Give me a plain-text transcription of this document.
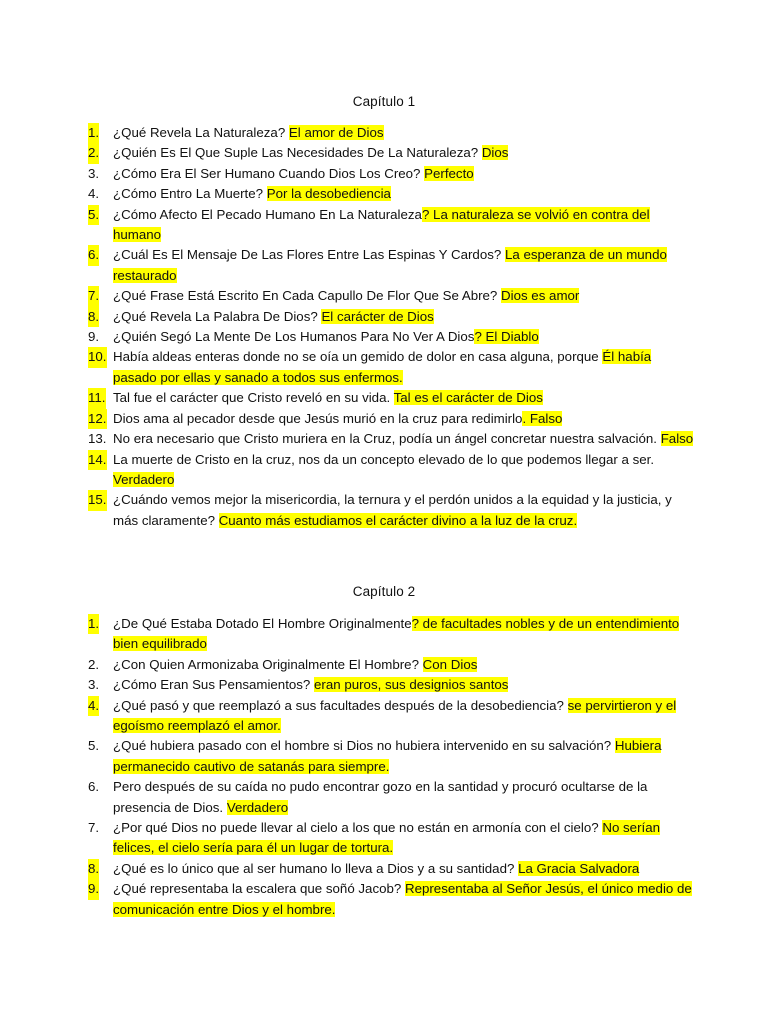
Capítulo 1
1. ¿Qué Revela La Naturaleza? El amor de Dios
2. ¿Quién Es El Que Suple Las Necesidades De La Naturaleza? Dios
3. ¿Cómo Era El Ser Humano Cuando Dios Los Creo? Perfecto
4. ¿Cómo Entro La Muerte? Por la desobediencia
5. ¿Cómo Afecto El Pecado Humano En La Naturaleza? La naturaleza se volvió en contra del humano
6. ¿Cuál Es El Mensaje De Las Flores Entre Las Espinas Y Cardos? La esperanza de un mundo restaurado
7. ¿Qué Frase Está Escrito En Cada Capullo De Flor Que Se Abre? Dios es amor
8. ¿Qué Revela La Palabra De Dios? El carácter de Dios
9. ¿Quién Segó La Mente De Los Humanos Para No Ver A Dios? El Diablo
10. Había aldeas enteras donde no se oía un gemido de dolor en casa alguna, porque Él había pasado por ellas y sanado a todos sus enfermos.
11. Tal fue el carácter que Cristo reveló en su vida. Tal es el carácter de Dios
12. Dios ama al pecador desde que Jesús murió en la cruz para redimirlo. Falso
13. No era necesario que Cristo muriera en la Cruz, podía un ángel concretar nuestra salvación. Falso
14. La muerte de Cristo en la cruz, nos da un concepto elevado de lo que podemos llegar a ser. Verdadero
15. ¿Cuándo vemos mejor la misericordia, la ternura y el perdón unidos a la equidad y la justicia, y más claramente? Cuanto más estudiamos el carácter divino a la luz de la cruz.
Capítulo 2
1. ¿De Qué Estaba Dotado El Hombre Originalmente? de facultades nobles y de un entendimiento bien equilibrado
2. ¿Con Quien Armonizaba Originalmente El Hombre? Con Dios
3. ¿Cómo Eran Sus Pensamientos? eran puros, sus designios santos
4. ¿Qué pasó y que reemplazó a sus facultades después de la desobediencia? se pervirtieron y el egoísmo reemplazó el amor.
5. ¿Qué hubiera pasado con el hombre si Dios no hubiera intervenido en su salvación? Hubiera permanecido cautivo de satanás para siempre.
6. Pero después de su caída no pudo encontrar gozo en la santidad y procuró ocultarse de la presencia de Dios. Verdadero
7. ¿Por qué Dios no puede llevar al cielo a los que no están en armonía con el cielo? No serían felices, el cielo sería para él un lugar de tortura.
8. ¿Qué es lo único que al ser humano lo lleva a Dios y a su santidad? La Gracia Salvadora
9. ¿Qué representaba la escalera que soñó Jacob? Representaba al Señor Jesús, el único medio de comunicación entre Dios y el hombre.
